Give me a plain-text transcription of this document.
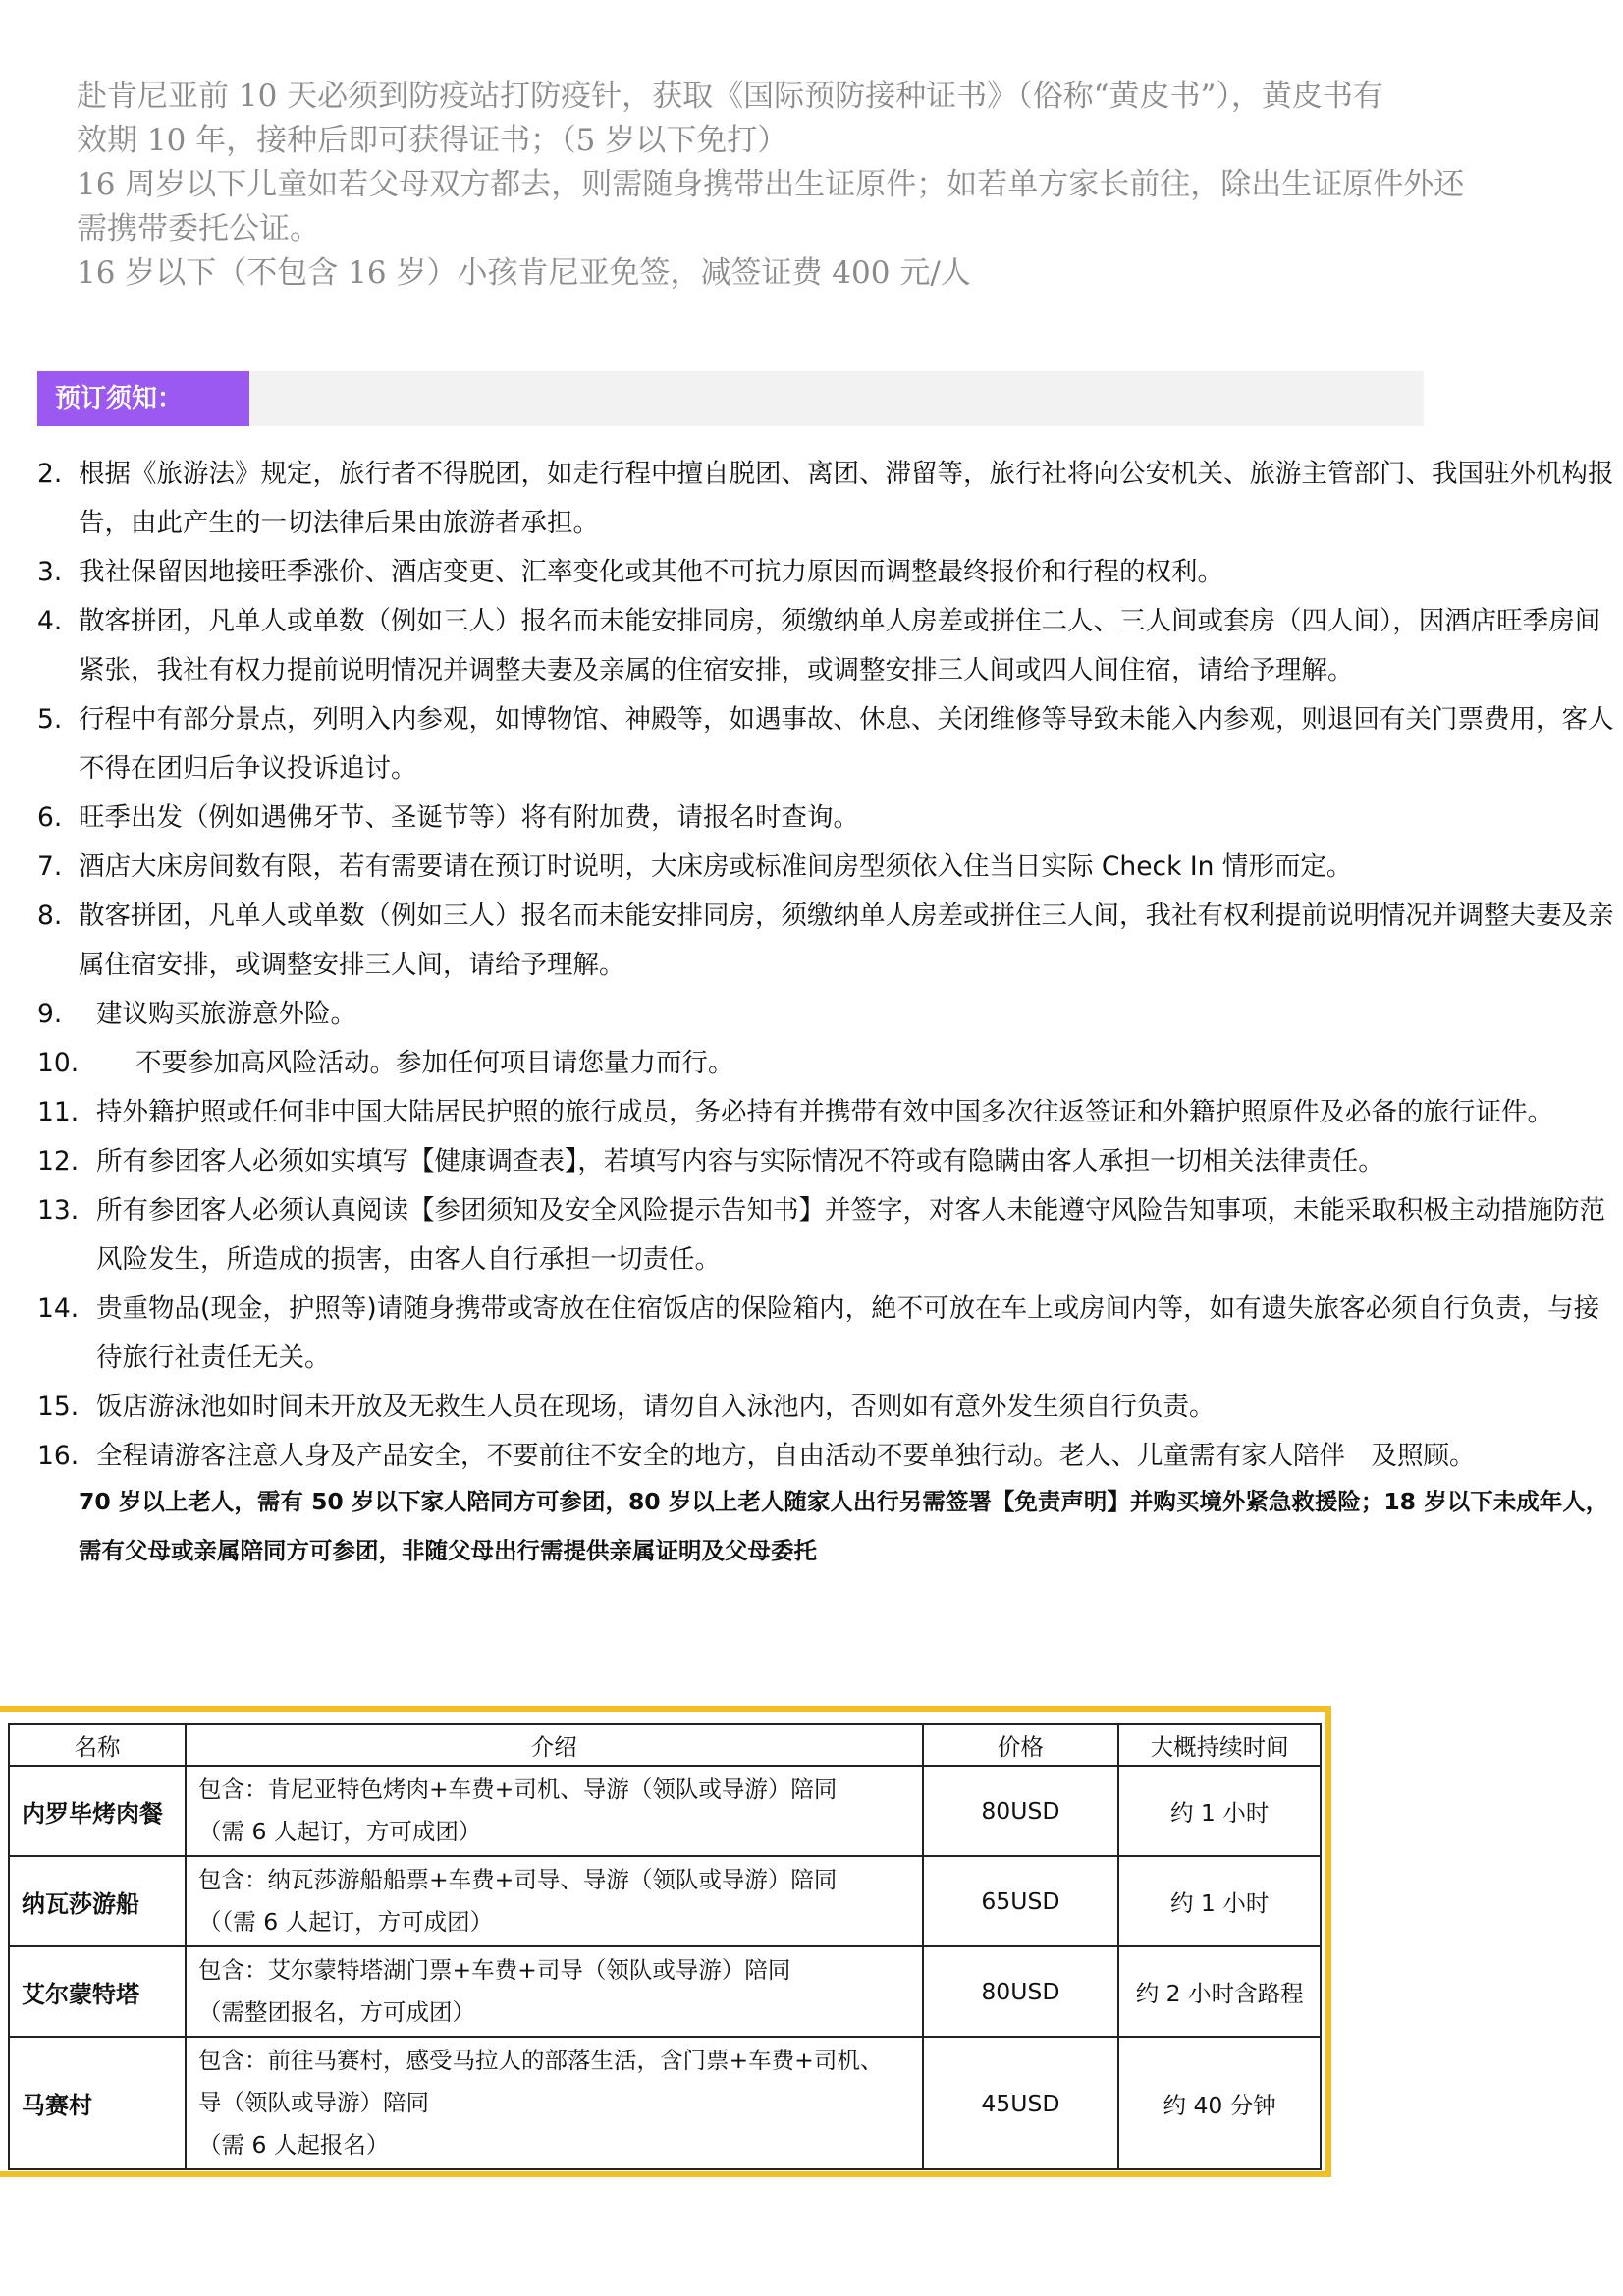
赴肯尼亚前 10 天必须到防疫站打防疫针，获取《国际预防接种证书》（俗称“黄皮书”），黄皮书有

效期 10 年，接种后即可获得证书；（5 岁以下免打）

16 周岁以下儿童如若父母双方都去，则需随身携带出生证原件；如若单方家长前往，除出生证原件外还

需携带委托公证。

16 岁以下（不包含 16 岁）小孩肯尼亚免签，减签证费 400 元/人

预订须知：
2. 根据《旅游法》规定，旅行者不得脱团，如走行程中擅自脱团、离团、滞留等，旅行社将向公安机关、旅游主管部门、我国驻外机构报告，由此产生的一切法律后果由旅游者承担。
3. 我社保留因地接旺季涨价、酒店变更、汇率变化或其他不可抗力原因而调整最终报价和行程的权利。
4. 散客拼团，凡单人或单数（例如三人）报名而未能安排同房，须缴纳单人房差或拼住二人、三人间或套房（四人间），因酒店旺季房间紧张，我社有权力提前说明情况并调整夫妻及亲属的住宿安排，或调整安排三人间或四人间住宿，请给予理解。
5. 行程中有部分景点，列明入内参观，如博物馆、神殿等，如遇事故、休息、关闭维修等导致未能入内参观，则退回有关门票费用，客人不得在团归后争议投诉追讨。
6. 旺季出发（例如遇佛牙节、圣诞节等）将有附加费，请报名时查询。
7. 酒店大床房间数有限，若有需要请在预订时说明，大床房或标准间房型须依入住当日实际 Check In 情形而定。
8. 散客拼团，凡单人或单数（例如三人）报名而未能安排同房，须缴纳单人房差或拼住三人间，我社有权利提前说明情况并调整夫妻及亲属住宿安排，或调整安排三人间，请给予理解。
9.	建议购买旅游意外险。
10.	不要参加高风险活动。参加任何项目请您量力而行。
11. 持外籍护照或任何非中国大陆居民护照的旅行成员，务必持有并携带有效中国多次往返签证和外籍护照原件及必备的旅行证件。
12. 所有参团客人必须如实填写【健康调查表】，若填写内容与实际情况不符或有隐瞒由客人承担一切相关法律责任。
13. 所有参团客人必须认真阅读【参团须知及安全风险提示告知书】并签字，对客人未能遵守风险告知事项，未能采取积极主动措施防范风险发生，所造成的损害，由客人自行承担一切责任。
14. 贵重物品(现金，护照等)请随身携带或寄放在住宿饭店的保险箱内，絶不可放在车上或房间内等，如有遗失旅客必须自行负责，与接待旅行社责任无关。
15. 饭店游泳池如时间未开放及无救生人员在现场，请勿自入泳池内，否则如有意外发生须自行负责。
16. 全程请游客注意人身及产品安全，不要前往不安全的地方，自由活动不要单独行动。老人、儿童需有家人陪伴　及照顾。
70 岁以上老人，需有 50 岁以下家人陪同方可参团，80 岁以上老人随家人出行另需签署【免责声明】并购买境外紧急救援险；18 岁以下未成年人，需有父母或亲属陪同方可参团，非随父母出行需提供亲属证明及父母委托
名称	介绍	价格	大概持续时间
内罗毕烤肉餐	包含：肯尼亚特色烤肉+车费+司机、导游（领队或导游）陪同
（需 6 人起订，方可成团）	80USD	约 1 小时
纳瓦莎游船	包含：纳瓦莎游船船票+车费+司导、导游（领队或导游）陪同
（（需 6 人起订，方可成团）	65USD	约 1 小时
艾尔蒙特塔	包含：艾尔蒙特塔湖门票+车费+司导（领队或导游）陪同
（需整团报名，方可成团）	80USD	约 2 小时含路程
马赛村	包含：前往马赛村，感受马拉人的部落生活，含门票+车费+司机、
导（领队或导游）陪同
（需 6 人起报名）	45USD	约 40 分钟
